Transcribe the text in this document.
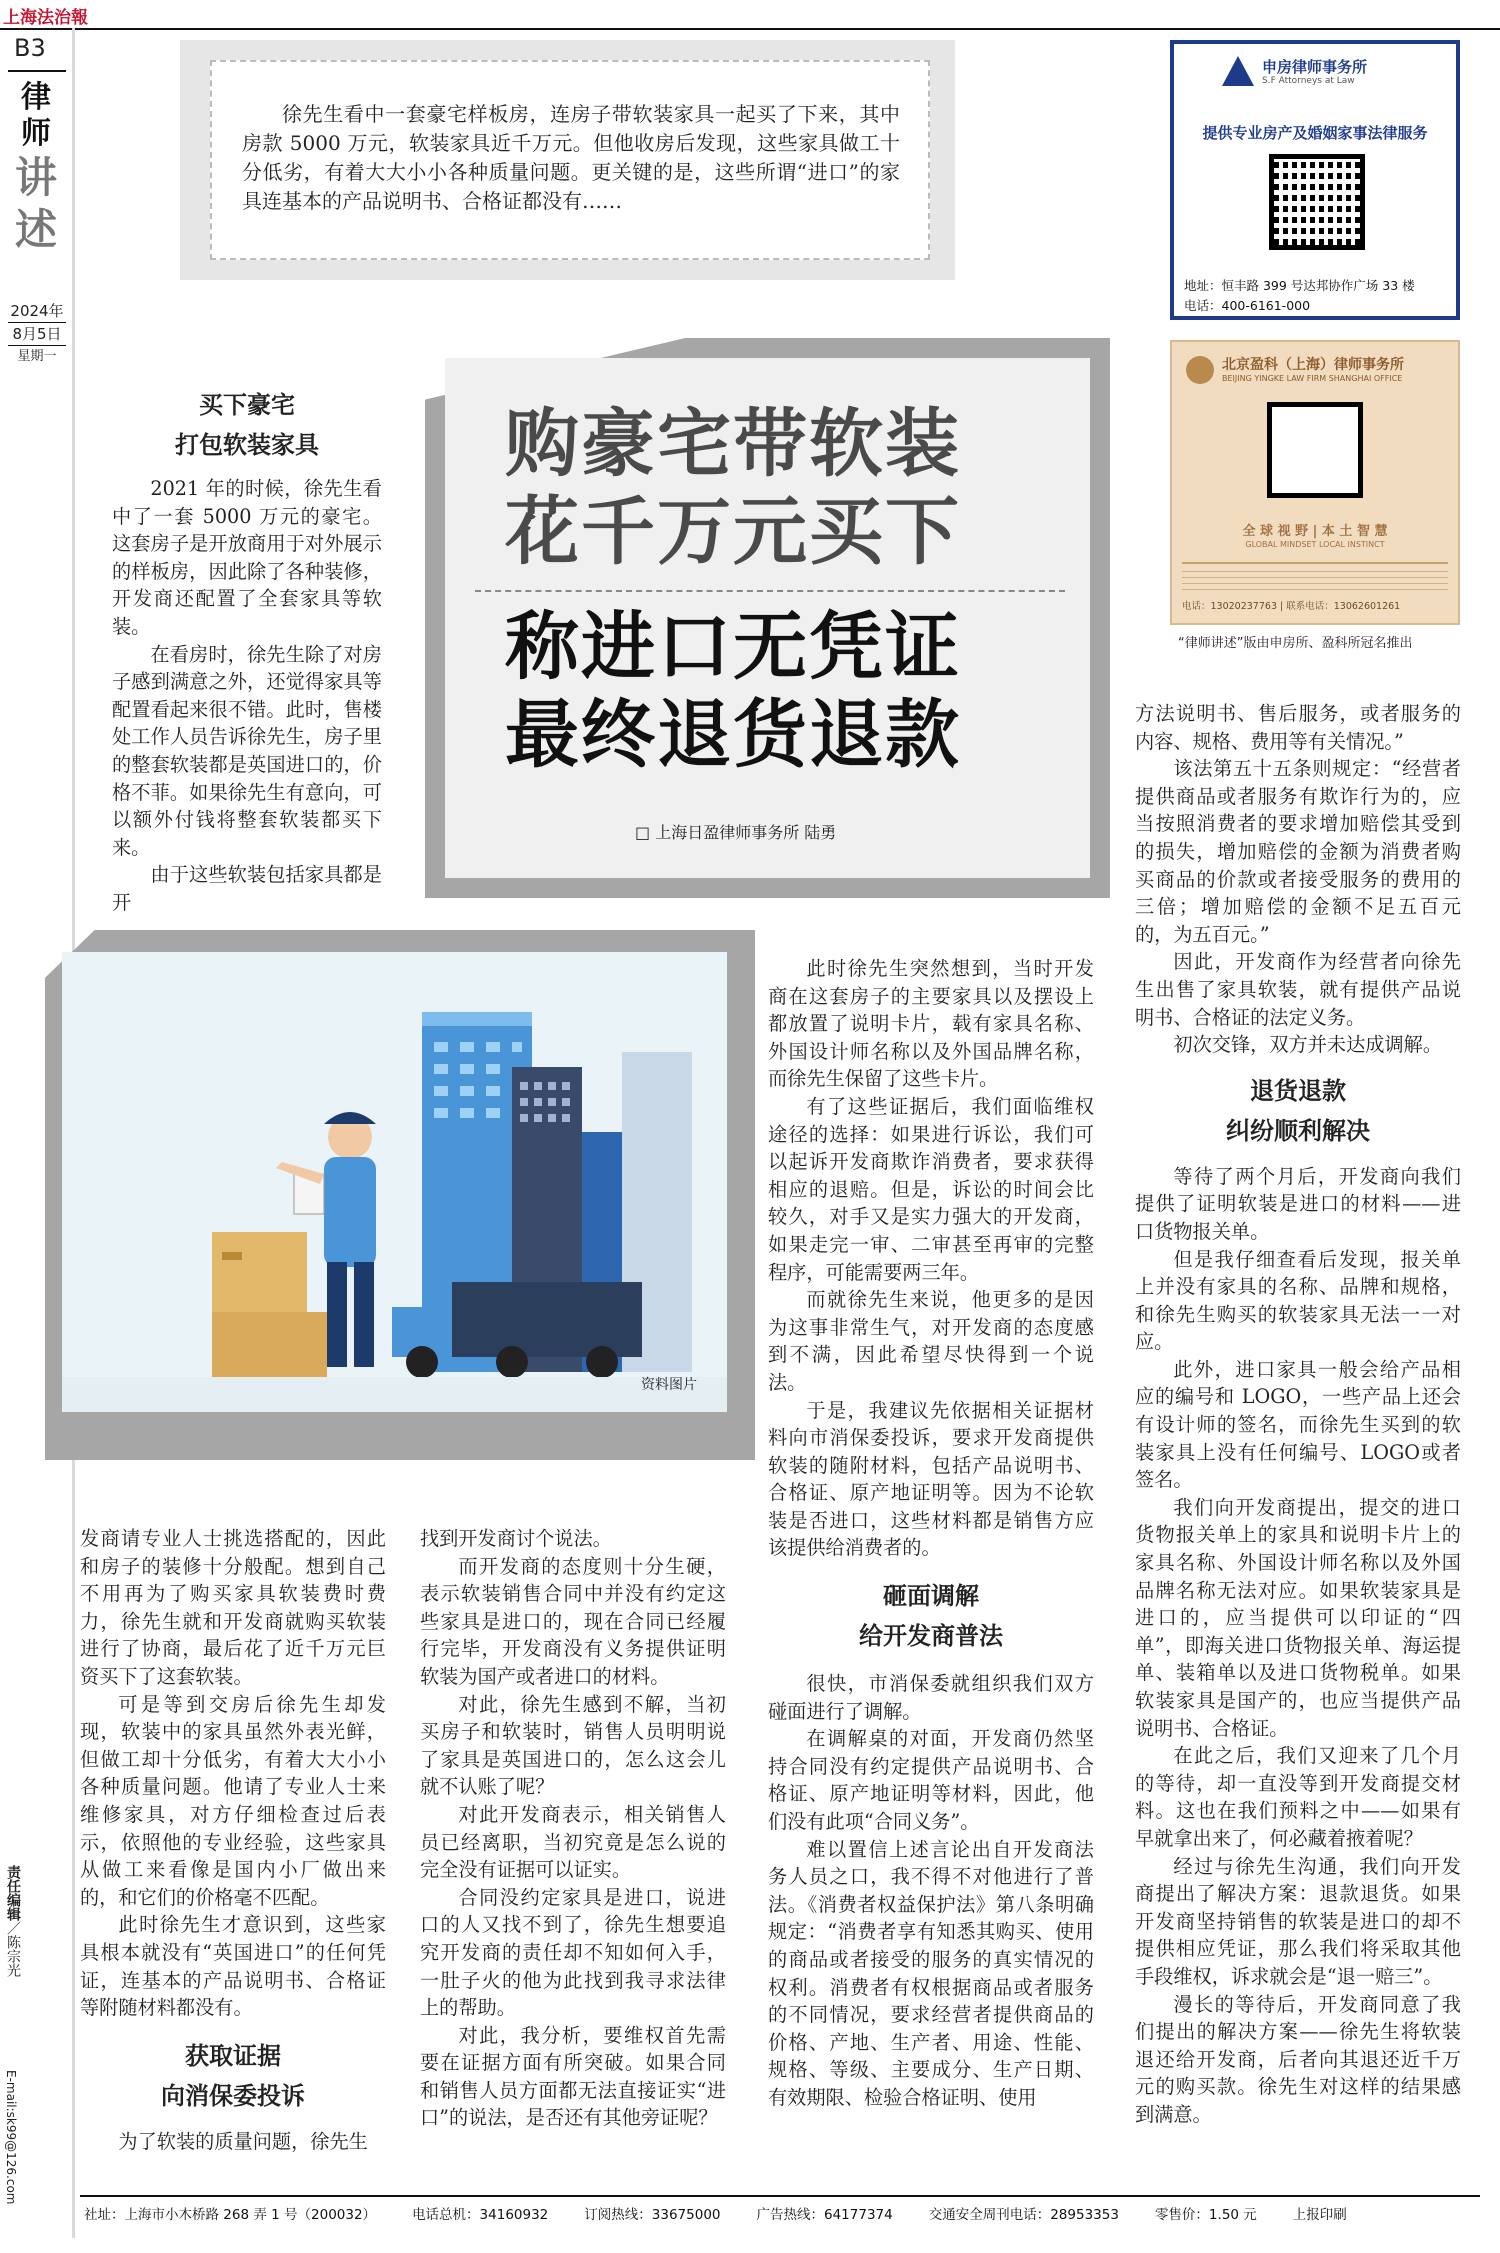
上海法治報
B3
律
师
讲
述
2024年
8月5日
星期一

徐先生看中一套豪宅样板房，连房子带软装家具一起买了下来，其中房款 5000 万元，软装家具近千万元。但他收房后发现，这些家具做工十分低劣，有着大大小小各种质量问题。更关键的是，这些所谓“进口”的家具连基本的产品说明书、合格证都没有……

购豪宅带软装
花千万元买下
称进口无凭证
最终退货退款
□ 上海日盈律师事务所 陆勇
申房律师事务所
S.F Attorneys at Law
提供专业房产及婚姻家事法律服务
地址：恒丰路 399 号达邦协作广场 33 楼
电话：400-6161-000
北京盈科（上海）律师事务所
BEIJING YINGKE LAW FIRM SHANGHAI OFFICE
全 球 视 野 | 本 土 智 慧
GLOBAL MINDSET LOCAL INSTINCT
电话：13020237763 | 联系电话：13062601261
“律师讲述”版由申房所、盈科所冠名推出
资料图片
买下豪宅
打包软装家具

2021 年的时候，徐先生看中了一套 5000 万元的豪宅。这套房子是开放商用于对外展示的样板房，因此除了各种装修，开发商还配置了全套家具等软装。

在看房时，徐先生除了对房子感到满意之外，还觉得家具等配置看起来很不错。此时，售楼处工作人员告诉徐先生，房子里的整套软装都是英国进口的，价格不菲。如果徐先生有意向，可以额外付钱将整套软装都买下来。

由于这些软装包括家具都是开

发商请专业人士挑选搭配的，因此和房子的装修十分般配。想到自己不用再为了购买家具软装费时费力，徐先生就和开发商就购买软装进行了协商，最后花了近千万元巨资买下了这套软装。

可是等到交房后徐先生却发现，软装中的家具虽然外表光鲜，但做工却十分低劣，有着大大小小各种质量问题。他请了专业人士来维修家具，对方仔细检查过后表示，依照他的专业经验，这些家具从做工来看像是国内小厂做出来的，和它们的价格毫不匹配。

此时徐先生才意识到，这些家具根本就没有“英国进口”的任何凭证，连基本的产品说明书、合格证等附随材料都没有。

获取证据
向消保委投诉

为了软装的质量问题，徐先生

找到开发商讨个说法。

而开发商的态度则十分生硬，表示软装销售合同中并没有约定这些家具是进口的，现在合同已经履行完毕，开发商没有义务提供证明软装为国产或者进口的材料。

对此，徐先生感到不解，当初买房子和软装时，销售人员明明说了家具是英国进口的，怎么这会儿就不认账了呢？

对此开发商表示，相关销售人员已经离职，当初究竟是怎么说的完全没有证据可以证实。

合同没约定家具是进口，说进口的人又找不到了，徐先生想要追究开发商的责任却不知如何入手，一肚子火的他为此找到我寻求法律上的帮助。

对此，我分析，要维权首先需要在证据方面有所突破。如果合同和销售人员方面都无法直接证实“进口”的说法，是否还有其他旁证呢？

此时徐先生突然想到，当时开发商在这套房子的主要家具以及摆设上都放置了说明卡片，载有家具名称、外国设计师名称以及外国品牌名称，而徐先生保留了这些卡片。

有了这些证据后，我们面临维权途径的选择：如果进行诉讼，我们可以起诉开发商欺诈消费者，要求获得相应的退赔。但是，诉讼的时间会比较久，对手又是实力强大的开发商，如果走完一审、二审甚至再审的完整程序，可能需要两三年。

而就徐先生来说，他更多的是因为这事非常生气，对开发商的态度感到不满，因此希望尽快得到一个说法。

于是，我建议先依据相关证据材料向市消保委投诉，要求开发商提供软装的随附材料，包括产品说明书、合格证、原产地证明等。因为不论软装是否进口，这些材料都是销售方应该提供给消费者的。

砸面调解
给开发商普法

很快，市消保委就组织我们双方碰面进行了调解。

在调解桌的对面，开发商仍然坚持合同没有约定提供产品说明书、合格证、原产地证明等材料，因此，他们没有此项“合同义务”。

难以置信上述言论出自开发商法务人员之口，我不得不对他进行了普法。《消费者权益保护法》第八条明确规定：“消费者享有知悉其购买、使用的商品或者接受的服务的真实情况的权利。消费者有权根据商品或者服务的不同情况，要求经营者提供商品的价格、产地、生产者、用途、性能、规格、等级、主要成分、生产日期、有效期限、检验合格证明、使用

方法说明书、售后服务，或者服务的内容、规格、费用等有关情况。”

该法第五十五条则规定：“经营者提供商品或者服务有欺诈行为的，应当按照消费者的要求增加赔偿其受到的损失，增加赔偿的金额为消费者购买商品的价款或者接受服务的费用的三倍；增加赔偿的金额不足五百元的，为五百元。”

因此，开发商作为经营者向徐先生出售了家具软装，就有提供产品说明书、合格证的法定义务。

初次交锋，双方并未达成调解。

退货退款
纠纷顺利解决

等待了两个月后，开发商向我们提供了证明软装是进口的材料——进口货物报关单。

但是我仔细查看后发现，报关单上并没有家具的名称、品牌和规格，和徐先生购买的软装家具无法一一对应。

此外，进口家具一般会给产品相应的编号和 LOGO，一些产品上还会有设计师的签名，而徐先生买到的软装家具上没有任何编号、LOGO或者签名。

我们向开发商提出，提交的进口货物报关单上的家具和说明卡片上的家具名称、外国设计师名称以及外国品牌名称无法对应。如果软装家具是进口的，应当提供可以印证的“四单”，即海关进口货物报关单、海运提单、装箱单以及进口货物税单。如果软装家具是国产的，也应当提供产品说明书、合格证。

在此之后，我们又迎来了几个月的等待，却一直没等到开发商提交材料。这也在我们预料之中——如果有早就拿出来了，何必藏着掖着呢？

经过与徐先生沟通，我们向开发商提出了解决方案：退款退货。如果开发商坚持销售的软装是进口的却不提供相应凭证，那么我们将采取其他手段维权，诉求就会是“退一赔三”。

漫长的等待后，开发商同意了我们提出的解决方案——徐先生将软装退还给开发商，后者向其退还近千万元的购买款。徐先生对这样的结果感到满意。

责任编辑／陈宗光
E-mail:sk99@126.com
社址：上海市小木桥路 268 弄 1 号（200032）	电话总机：34160932	订阅热线：33675000	广告热线：64177374	交通安全周刊电话：28953353	零售价：1.50 元	上报印刷
